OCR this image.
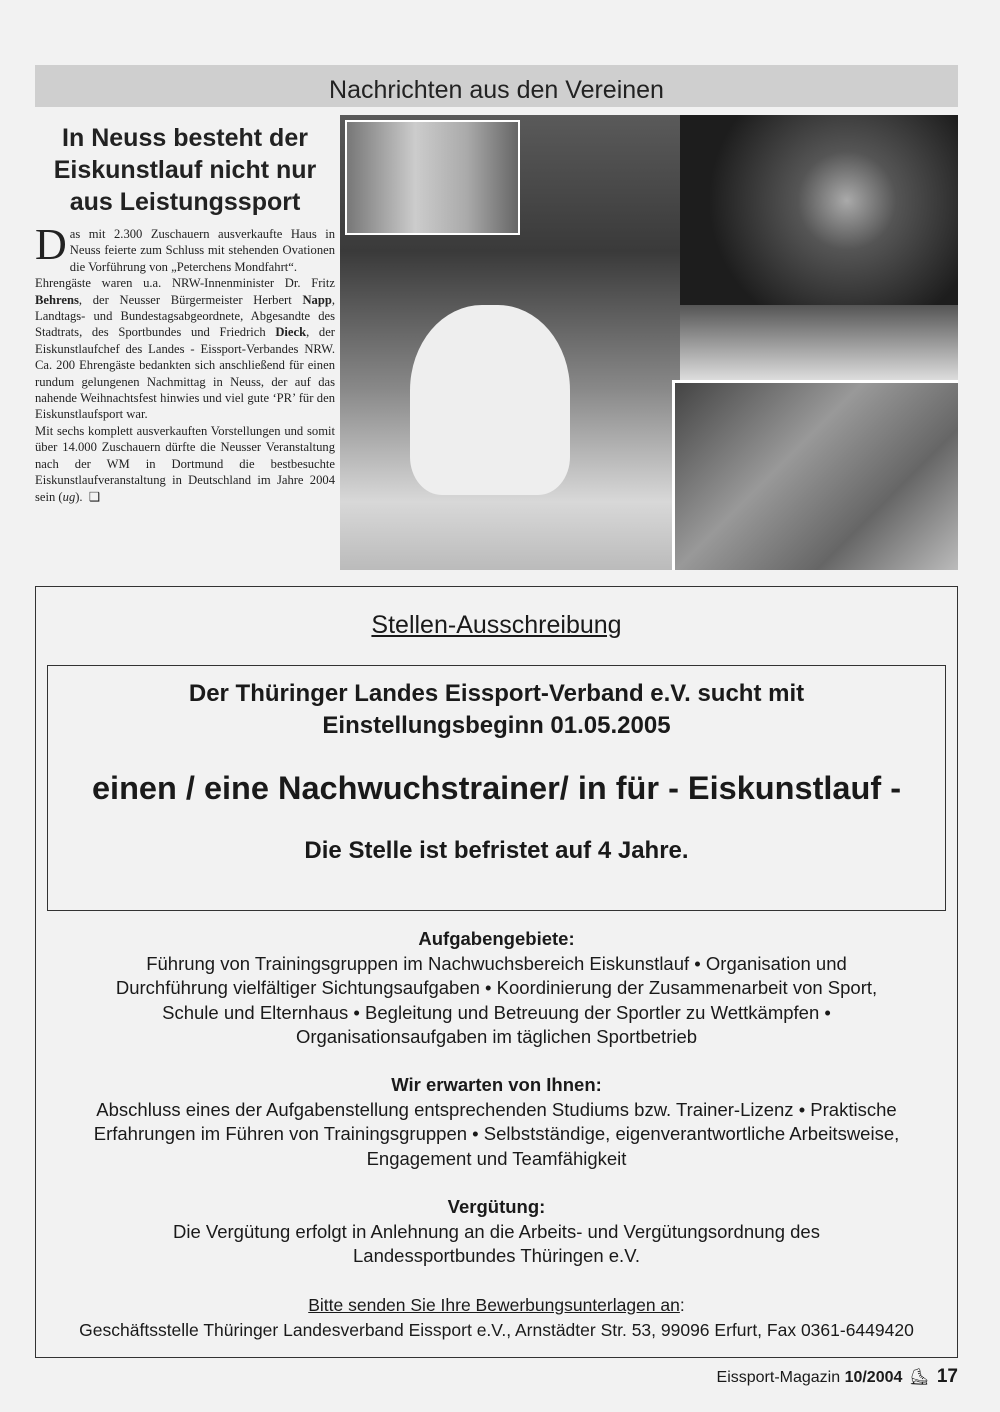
Nachrichten aus den Vereinen
In Neuss besteht der Eiskunstlauf nicht nur aus Leistungssport

Das mit 2.300 Zuschauern ausverkaufte Haus in Neuss feierte zum Schluss mit stehenden Ovationen die Vorführung von „Peterchens Mondfahrt“.

Ehrengäste waren u.a. NRW-Innenminister Dr. Fritz Behrens, der Neusser Bürgermeister Herbert Napp, Landtags- und Bundestagsabgeordnete, Abgesandte des Stadtrats, des Sportbundes und Friedrich Dieck, der Eiskunstlaufchef des Landes - Eissport-Verbandes NRW. Ca. 200 Ehrengäste bedankten sich anschließend für einen rundum gelungenen Nachmittag in Neuss, der auf das nahende Weihnachtsfest hinwies und viel gute ‘PR’ für den Eiskunstlaufsport war.

Mit sechs komplett ausverkauften Vorstellungen und somit über 14.000 Zuschauern dürfte die Neusser Veranstaltung nach der WM in Dortmund die bestbesuchte Eiskunstlaufveranstaltung in Deutschland im Jahre 2004 sein (ug). ❑

Stellen-Ausschreibung
Der Thüringer Landes Eissport-Verband e.V. sucht mit
Einstellungsbeginn 01.05.2005
einen / eine Nachwuchstrainer/ in für - Eiskunstlauf -
Die Stelle ist befristet auf 4 Jahre.
Aufgabengebiete:

Führung von Trainingsgruppen im Nachwuchsbereich Eiskunstlauf • Organisation und Durchführung vielfältiger Sichtungsaufgaben • Koordinierung der Zusammenarbeit von Sport, Schule und Elternhaus • Begleitung und Betreuung der Sportler zu Wettkämpfen • Organisationsaufgaben im täglichen Sportbetrieb

Wir erwarten von Ihnen:

Abschluss eines der Aufgabenstellung entsprechenden Studiums bzw. Trainer-Lizenz • Praktische Erfahrungen im Führen von Trainingsgruppen • Selbstständige, eigenverantwortliche Arbeitsweise, Engagement und Teamfähigkeit

Vergütung:

Die Vergütung erfolgt in Anlehnung an die Arbeits- und Vergütungsordnung des Landessportbundes Thüringen e.V.

Bitte senden Sie Ihre Bewerbungsunterlagen an:

Geschäftsstelle Thüringer Landesverband Eissport e.V., Arnstädter Str. 53, 99096 Erfurt, Fax 0361-6449420

Eissport-Magazin 10/2004 ⛸ 17
